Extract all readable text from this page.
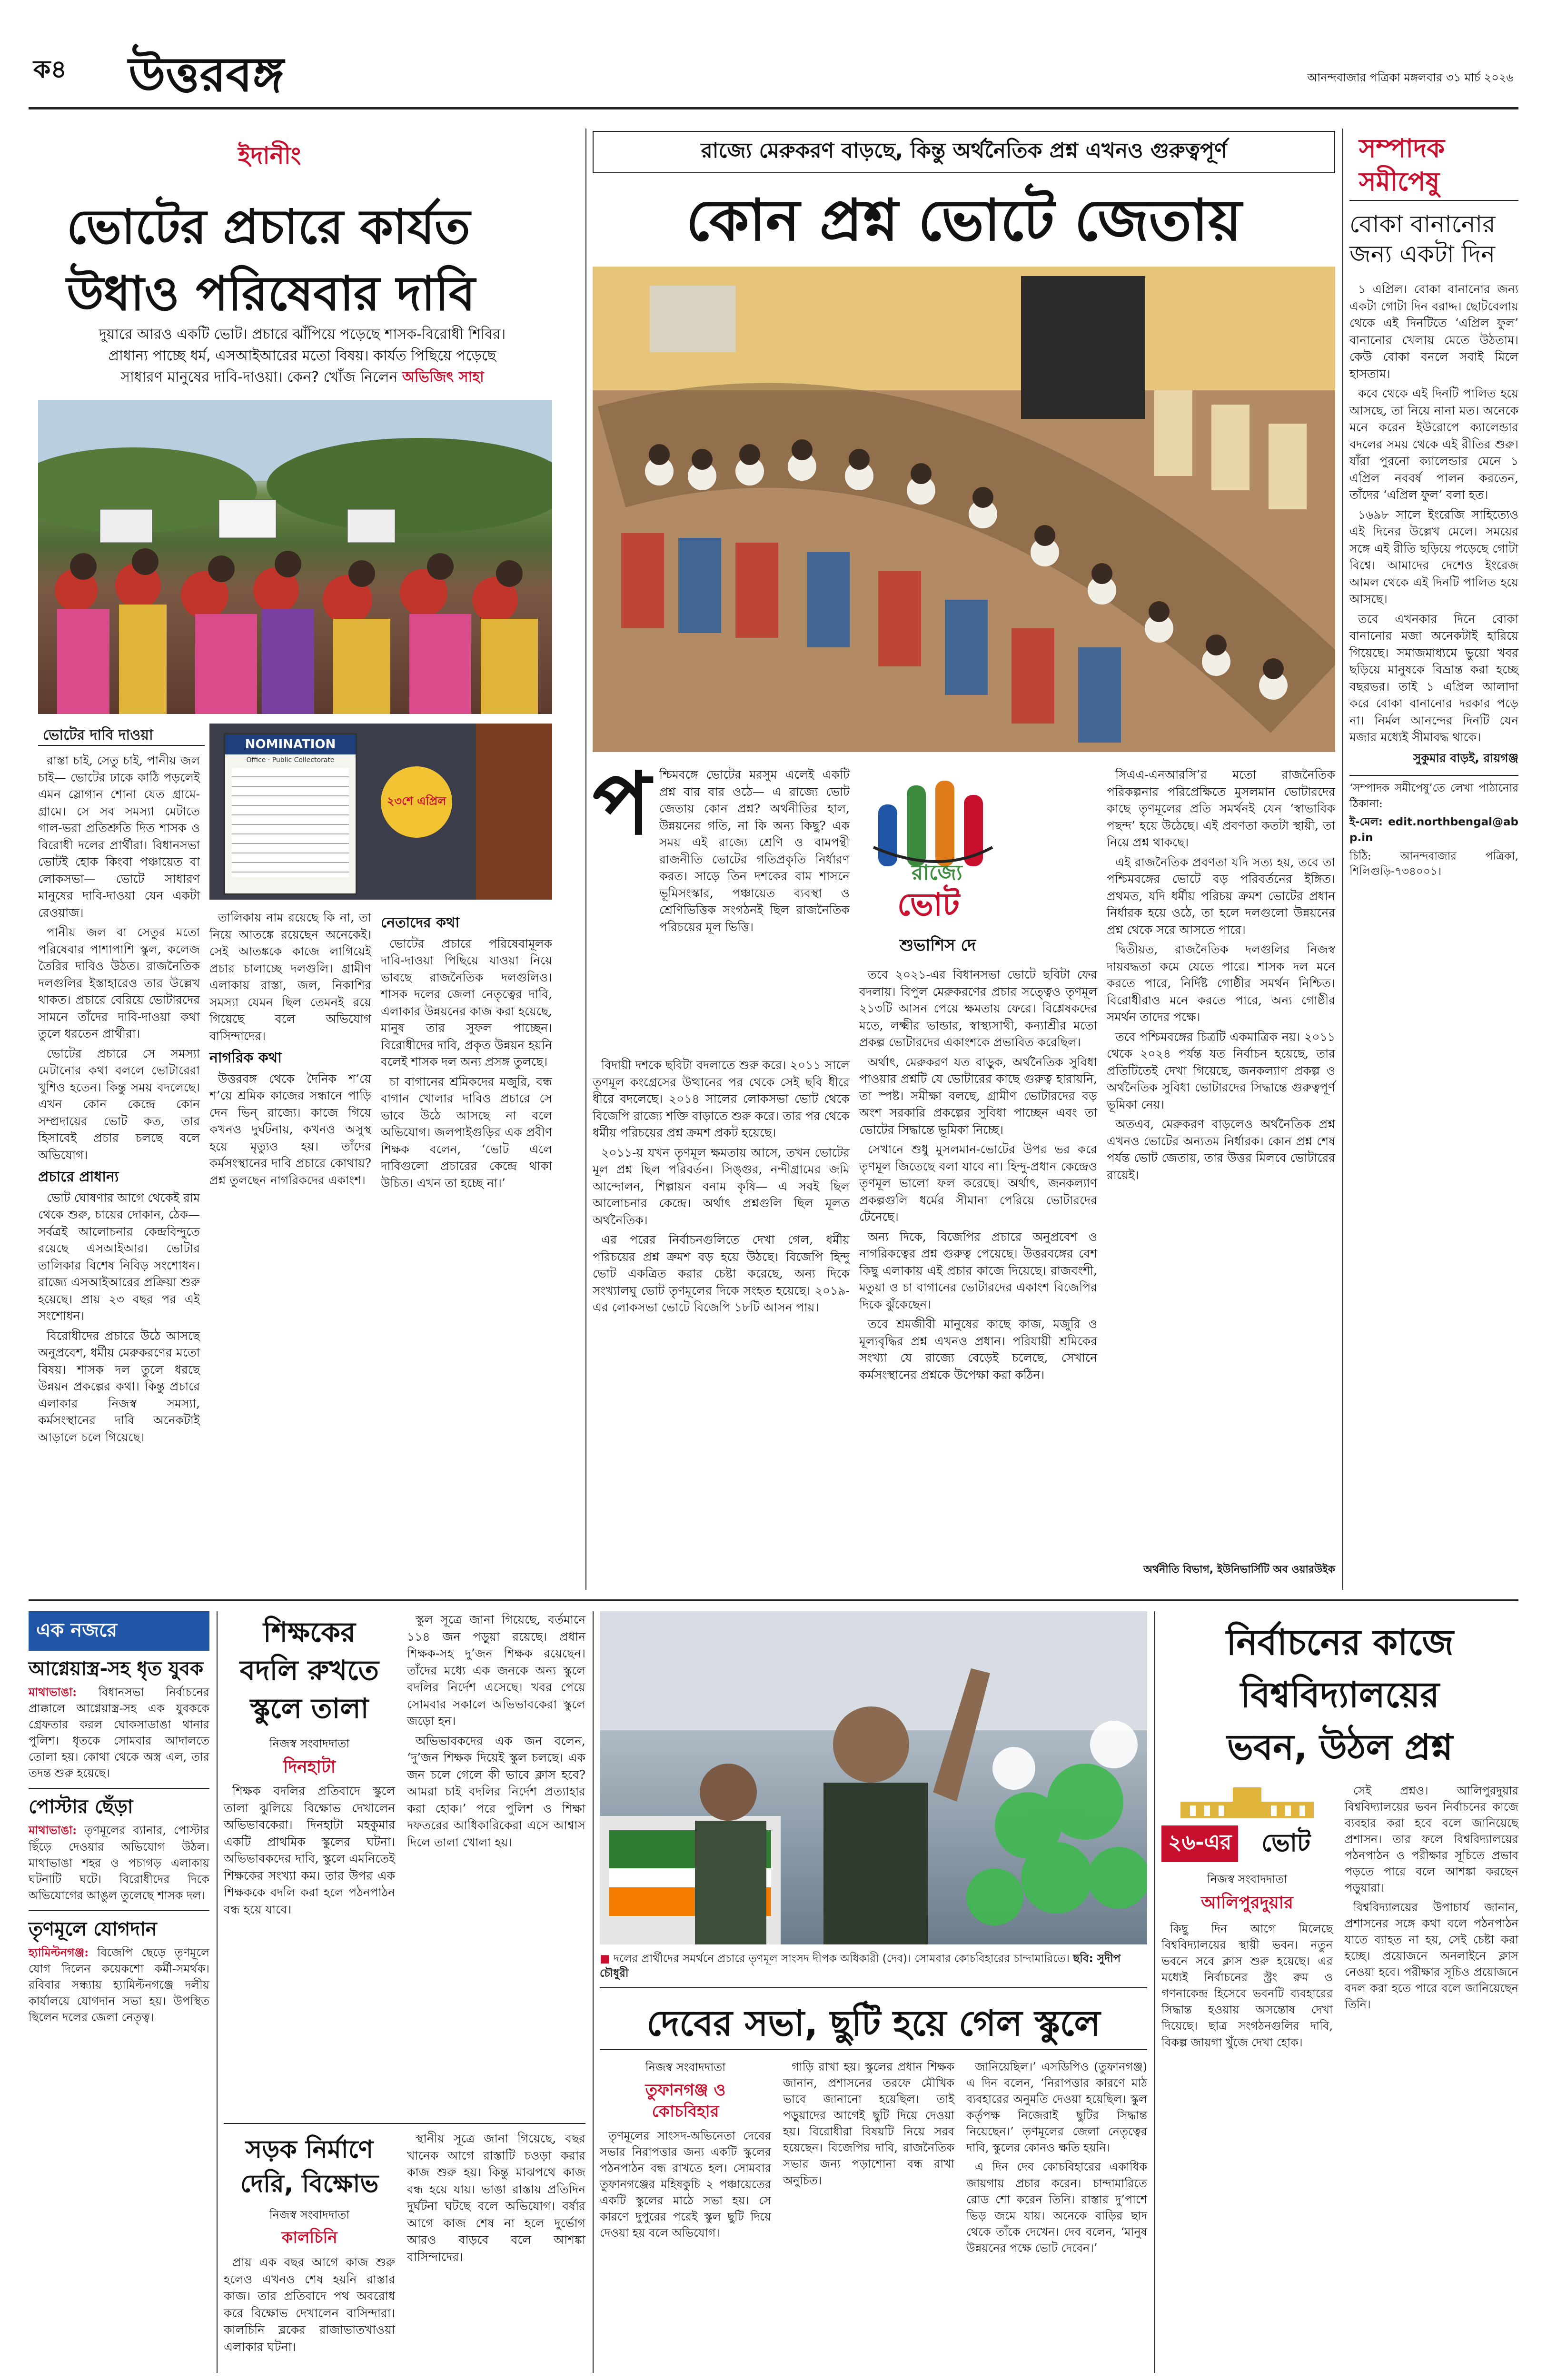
ক৪ উত্তরবঙ্গ	আনন্দবাজার পত্রিকা মঙ্গলবার ৩১ মার্চ ২০২৬
ইদানীং
ভোটের প্রচারে কার্যত
উধাও পরিষেবার দাবি
দুয়ারে আরও একটি ভোট। প্রচারে ঝাঁপিয়ে পড়েছে শাসক-বিরোধী শিবির।
প্রাধান্য পাচ্ছে ধর্ম, এসআইআরের মতো বিষয়। কার্যত পিছিয়ে পড়েছে
সাধারণ মানুষের দাবি-দাওয়া। কেন? খোঁজ নিলেন অভিজিৎ সাহা
ভোটের দাবি দাওয়া
NOMINATION
Office · Public Collectorate
২৩শে এপ্রিল

রাস্তা চাই, সেতু চাই, পানীয় জল চাই— ভোটের ঢাকে কাঠি পড়লেই এমন স্লোগান শোনা যেত গ্রামে-গ্রামে। সে সব সমস্যা মেটাতে গাল-ভরা প্রতিশ্রুতি দিত শাসক ও বিরোধী দলের প্রার্থীরা। বিধানসভা ভোটই হোক কিংবা পঞ্চায়েত বা লোকসভা— ভোটে সাধারণ মানুষের দাবি-দাওয়া যেন একটা রেওয়াজ।

পানীয় জল বা সেতুর মতো পরিষেবার পাশাপাশি স্কুল, কলেজ তৈরির দাবিও উঠত। রাজনৈতিক দলগুলির ইস্তাহারেও তার উল্লেখ থাকত। প্রচারে বেরিয়ে ভোটারদের সামনে তাঁদের দাবি-দাওয়া কথা তুলে ধরতেন প্রার্থীরা।

ভোটের প্রচারে সে সমস্যা মেটানোর কথা বললে ভোটারেরা খুশিও হতেন। কিন্তু সময় বদলেছে। এখন কোন কেন্দ্রে কোন সম্প্রদায়ের ভোট কত, তার হিসাবেই প্রচার চলছে বলে অভিযোগ।

প্রচারে প্রাধান্য

ভোট ঘোষণার আগে থেকেই রাম থেকে শুরু, চায়ের দোকান, ঠেক— সর্বত্রই আলোচনার কেন্দ্রবিন্দুতে রয়েছে এসআইআর। ভোটার তালিকার বিশেষ নিবিড় সংশোধন। রাজ্যে এসআইআরের প্রক্রিয়া শুরু হয়েছে। প্রায় ২৩ বছর পর এই সংশোধন।

বিরোধীদের প্রচারে উঠে আসছে অনুপ্রবেশ, ধর্মীয় মেরুকরণের মতো বিষয়। শাসক দল তুলে ধরছে উন্নয়ন প্রকল্পের কথা। কিন্তু প্রচারে এলাকার নিজস্ব সমস্যা, কর্মসংস্থানের দাবি অনেকটাই আড়ালে চলে গিয়েছে।

তালিকায় নাম রয়েছে কি না, তা নিয়ে আতঙ্কে রয়েছেন অনেকেই। সেই আতঙ্ককে কাজে লাগিয়েই প্রচার চালাচ্ছে দলগুলি। গ্রামীণ এলাকায় রাস্তা, জল, নিকাশির সমস্যা যেমন ছিল তেমনই রয়ে গিয়েছে বলে অভিযোগ বাসিন্দাদের।

নাগরিক কথা

উত্তরবঙ্গ থেকে দৈনিক শ’য়ে শ’য়ে শ্রমিক কাজের সন্ধানে পাড়ি দেন ভিন্ রাজ্যে। কাজে গিয়ে কখনও দুর্ঘটনায়, কখনও অসুস্থ হয়ে মৃত্যুও হয়। তাঁদের কর্মসংস্থানের দাবি প্রচারে কোথায়? প্রশ্ন তুলছেন নাগরিকদের একাংশ।

নেতাদের কথা

ভোটের প্রচারে পরিষেবামূলক দাবি-দাওয়া পিছিয়ে যাওয়া নিয়ে ভাবছে রাজনৈতিক দলগুলিও। শাসক দলের জেলা নেতৃত্বের দাবি, এলাকার উন্নয়নের কাজ করা হয়েছে, মানুষ তার সুফল পাচ্ছেন। বিরোধীদের দাবি, প্রকৃত উন্নয়ন হয়নি বলেই শাসক দল অন্য প্রসঙ্গ তুলছে।

চা বাগানের শ্রমিকদের মজুরি, বন্ধ বাগান খোলার দাবিও প্রচারে সে ভাবে উঠে আসছে না বলে অভিযোগ। জলপাইগুড়ির এক প্রবীণ শিক্ষক বলেন, ‘ভোট এলে দাবিগুলো প্রচারের কেন্দ্রে থাকা উচিত। এখন তা হচ্ছে না।’

রাজ্যে মেরুকরণ বাড়ছে, কিন্তু অর্থনৈতিক প্রশ্ন এখনও গুরুত্বপূর্ণ
কোন প্রশ্ন ভোটে জেতায়
রাজ্যে
ভোট
শুভাশিস দে
প শ্চিমবঙ্গে ভোটের মরসুম এলেই একটি প্রশ্ন বার বার ওঠে— এ রাজ্যে ভোট জেতায় কোন প্রশ্ন? অর্থনীতির হাল, উন্নয়নের গতি, না কি অন্য কিছু? এক সময় এই রাজ্যে শ্রেণি ও বামপন্থী রাজনীতি ভোটের গতিপ্রকৃতি নির্ধারণ করত। সাড়ে তিন দশকের বাম শাসনে ভূমিসংস্কার, পঞ্চায়েত ব্যবস্থা ও শ্রেণিভিত্তিক সংগঠনই ছিল রাজনৈতিক পরিচয়ের মূল ভিত্তি।

বিদায়ী দশকে ছবিটা বদলাতে শুরু করে। ২০১১ সালে তৃণমূল কংগ্রেসের উত্থানের পর থেকে সেই ছবি ধীরে ধীরে বদলেছে। ২০১৪ সালের লোকসভা ভোট থেকে বিজেপি রাজ্যে শক্তি বাড়াতে শুরু করে। তার পর থেকে ধর্মীয় পরিচয়ের প্রশ্ন ক্রমশ প্রকট হয়েছে।

২০১১-য় যখন তৃণমূল ক্ষমতায় আসে, তখন ভোটের মূল প্রশ্ন ছিল পরিবর্তন। সিঙ্গুর, নন্দীগ্রামের জমি আন্দোলন, শিল্পায়ন বনাম কৃষি— এ সবই ছিল আলোচনার কেন্দ্রে। অর্থাৎ প্রশ্নগুলি ছিল মূলত অর্থনৈতিক।

এর পরের নির্বাচনগুলিতে দেখা গেল, ধর্মীয় পরিচয়ের প্রশ্ন ক্রমশ বড় হয়ে উঠছে। বিজেপি হিন্দু ভোট একত্রিত করার চেষ্টা করেছে, অন্য দিকে সংখ্যালঘু ভোট তৃণমূলের দিকে সংহত হয়েছে। ২০১৯-এর লোকসভা ভোটে বিজেপি ১৮টি আসন পায়।

তবে ২০২১-এর বিধানসভা ভোটে ছবিটা ফের বদলায়। বিপুল মেরুকরণের প্রচার সত্ত্বেও তৃণমূল ২১৩টি আসন পেয়ে ক্ষমতায় ফেরে। বিশ্লেষকদের মতে, লক্ষ্মীর ভান্ডার, স্বাস্থ্যসাথী, কন্যাশ্রীর মতো প্রকল্প ভোটারদের একাংশকে প্রভাবিত করেছিল।

অর্থাৎ, মেরুকরণ যত বাড়ুক, অর্থনৈতিক সুবিধা পাওয়ার প্রশ্নটি যে ভোটারের কাছে গুরুত্ব হারায়নি, তা স্পষ্ট। সমীক্ষা বলছে, গ্রামীণ ভোটারদের বড় অংশ সরকারি প্রকল্পের সুবিধা পাচ্ছেন এবং তা ভোটের সিদ্ধান্তে ভূমিকা নিচ্ছে।

সেখানে শুধু মুসলমান-ভোটের উপর ভর করে তৃণমূল জিতেছে বলা যাবে না। হিন্দু-প্রধান কেন্দ্রেও তৃণমূল ভালো ফল করেছে। অর্থাৎ, জনকল্যাণ প্রকল্পগুলি ধর্মের সীমানা পেরিয়ে ভোটারদের টেনেছে।

অন্য দিকে, বিজেপির প্রচারে অনুপ্রবেশ ও নাগরিকত্বের প্রশ্ন গুরুত্ব পেয়েছে। উত্তরবঙ্গের বেশ কিছু এলাকায় এই প্রচার কাজে দিয়েছে। রাজবংশী, মতুয়া ও চা বাগানের ভোটারদের একাংশ বিজেপির দিকে ঝুঁকেছেন।

তবে শ্রমজীবী মানুষের কাছে কাজ, মজুরি ও মূল্যবৃদ্ধির প্রশ্ন এখনও প্রধান। পরিযায়ী শ্রমিকের সংখ্যা যে রাজ্যে বেড়েই চলেছে, সেখানে কর্মসংস্থানের প্রশ্নকে উপেক্ষা করা কঠিন।

সিএএ-এনআরসি’র মতো রাজনৈতিক পরিকল্পনার পরিপ্রেক্ষিতে মুসলমান ভোটারদের কাছে তৃণমূলের প্রতি সমর্থনই যেন ‘স্বাভাবিক পছন্দ’ হয়ে উঠেছে। এই প্রবণতা কতটা স্থায়ী, তা নিয়ে প্রশ্ন থাকছে।

এই রাজনৈতিক প্রবণতা যদি সত্য হয়, তবে তা পশ্চিমবঙ্গের ভোটে বড় পরিবর্তনের ইঙ্গিত। প্রথমত, যদি ধর্মীয় পরিচয় ক্রমশ ভোটের প্রধান নির্ধারক হয়ে ওঠে, তা হলে দলগুলো উন্নয়নের প্রশ্ন থেকে সরে আসতে পারে।

দ্বিতীয়ত, রাজনৈতিক দলগুলির নিজস্ব দায়বদ্ধতা কমে যেতে পারে। শাসক দল মনে করতে পারে, নির্দিষ্ট গোষ্ঠীর সমর্থন নিশ্চিত। বিরোধীরাও মনে করতে পারে, অন্য গোষ্ঠীর সমর্থন তাদের পক্ষে।

তবে পশ্চিমবঙ্গের চিত্রটি একমাত্রিক নয়। ২০১১ থেকে ২০২৪ পর্যন্ত যত নির্বাচন হয়েছে, তার প্রতিটিতেই দেখা গিয়েছে, জনকল্যাণ প্রকল্প ও অর্থনৈতিক সুবিধা ভোটারদের সিদ্ধান্তে গুরুত্বপূর্ণ ভূমিকা নেয়।

অতএব, মেরুকরণ বাড়লেও অর্থনৈতিক প্রশ্ন এখনও ভোটের অন্যতম নির্ধারক। কোন প্রশ্ন শেষ পর্যন্ত ভোট জেতায়, তার উত্তর মিলবে ভোটারের রায়েই।

অর্থনীতি বিভাগ, ইউনিভার্সিটি অব ওয়ারউইক
সম্পাদক
সমীপেষু
বোকা বানানোর জন্য একটা দিন

১ এপ্রিল। বোকা বানানোর জন্য একটা গোটা দিন বরাদ্দ। ছোটবেলায় থেকে এই দিনটিতে ‘এপ্রিল ফুল’ বানানোর খেলায় মেতে উঠতাম। কেউ বোকা বনলে সবাই মিলে হাসতাম।

কবে থেকে এই দিনটি পালিত হয়ে আসছে, তা নিয়ে নানা মত। অনেকে মনে করেন ইউরোপে ক্যালেন্ডার বদলের সময় থেকে এই রীতির শুরু। যাঁরা পুরনো ক্যালেন্ডার মেনে ১ এপ্রিল নববর্ষ পালন করতেন, তাঁদের ‘এপ্রিল ফুল’ বলা হত।

১৬৯৮ সালে ইংরেজি সাহিত্যেও এই দিনের উল্লেখ মেলে। সময়ের সঙ্গে এই রীতি ছড়িয়ে পড়েছে গোটা বিশ্বে। আমাদের দেশেও ইংরেজ আমল থেকে এই দিনটি পালিত হয়ে আসছে।

তবে এখনকার দিনে বোকা বানানোর মজা অনেকটাই হারিয়ে গিয়েছে। সমাজমাধ্যমে ভুয়ো খবর ছড়িয়ে মানুষকে বিভ্রান্ত করা হচ্ছে বছরভর। তাই ১ এপ্রিল আলাদা করে বোকা বানানোর দরকার পড়ে না। নির্মল আনন্দের দিনটি যেন মজার মধ্যেই সীমাবদ্ধ থাকে।

সুকুমার বাড়ই, রায়গঞ্জ
‘সম্পাদক সমীপেষু’তে লেখা পাঠানোর ঠিকানা:
ই-মেল: edit.northbengal@abp.in
চিঠি: আনন্দবাজার পত্রিকা, শিলিগুড়ি-৭৩৪০০১।
এক নজরে
আগ্নেয়াস্ত্র-সহ ধৃত যুবক

মাথাভাঙা: বিধানসভা নির্বাচনের প্রাক্কালে আগ্নেয়াস্ত্র-সহ এক যুবককে গ্রেফতার করল ঘোকসাডাঙা থানার পুলিশ। ধৃতকে সোমবার আদালতে তোলা হয়। কোথা থেকে অস্ত্র এল, তার তদন্ত শুরু হয়েছে।

পোস্টার ছেঁড়া

মাথাভাঙা: তৃণমূলের ব্যানার, পোস্টার ছিঁড়ে দেওয়ার অভিযোগ উঠল। মাথাভাঙা শহর ও পচাগড় এলাকায় ঘটনাটি ঘটে। বিরোধীদের দিকে অভিযোগের আঙুল তুলেছে শাসক দল।

তৃণমূলে যোগদান

হ্যামিল্টনগঞ্জ: বিজেপি ছেড়ে তৃণমূলে যোগ দিলেন কয়েকশো কর্মী-সমর্থক। রবিবার সন্ধ্যায় হ্যামিল্টনগঞ্জে দলীয় কার্যালয়ে যোগদান সভা হয়। উপস্থিত ছিলেন দলের জেলা নেতৃত্ব।

শিক্ষকের
বদলি রুখতে
স্কুলে তালা
নিজস্ব সংবাদদাতা
দিনহাটা

শিক্ষক বদলির প্রতিবাদে স্কুলে তালা ঝুলিয়ে বিক্ষোভ দেখালেন অভিভাবকেরা। দিনহাটা মহকুমার একটি প্রাথমিক স্কুলের ঘটনা। অভিভাবকদের দাবি, স্কুলে এমনিতেই শিক্ষকের সংখ্যা কম। তার উপর এক শিক্ষককে বদলি করা হলে পঠনপাঠন বন্ধ হয়ে যাবে।

স্কুল সূত্রে জানা গিয়েছে, বর্তমানে ১১৪ জন পড়ুয়া রয়েছে। প্রধান শিক্ষক-সহ দু’জন শিক্ষক রয়েছেন। তাঁদের মধ্যে এক জনকে অন্য স্কুলে বদলির নির্দেশ এসেছে। খবর পেয়ে সোমবার সকালে অভিভাবকেরা স্কুলে জড়ো হন।

অভিভাবকদের এক জন বলেন, ‘দু’জন শিক্ষক দিয়েই স্কুল চলছে। এক জন চলে গেলে কী ভাবে ক্লাস হবে? আমরা চাই বদলির নির্দেশ প্রত্যাহার করা হোক।’ পরে পুলিশ ও শিক্ষা দফতরের আধিকারিকেরা এসে আশ্বাস দিলে তালা খোলা হয়।

সড়ক নির্মাণে
দেরি, বিক্ষোভ
নিজস্ব সংবাদদাতা
কালচিনি

প্রায় এক বছর আগে কাজ শুরু হলেও এখনও শেষ হয়নি রাস্তার কাজ। তার প্রতিবাদে পথ অবরোধ করে বিক্ষোভ দেখালেন বাসিন্দারা। কালচিনি ব্লকের রাজাভাতখাওয়া এলাকার ঘটনা।

স্থানীয় সূত্রে জানা গিয়েছে, বছর খানেক আগে রাস্তাটি চওড়া করার কাজ শুরু হয়। কিন্তু মাঝপথে কাজ বন্ধ হয়ে যায়। ভাঙা রাস্তায় প্রতিদিন দুর্ঘটনা ঘটছে বলে অভিযোগ। বর্ষার আগে কাজ শেষ না হলে দুর্ভোগ আরও বাড়বে বলে আশঙ্কা বাসিন্দাদের।

■ দলের প্রার্থীদের সমর্থনে প্রচারে তৃণমূল সাংসদ দীপক অধিকারী (দেব)। সোমবার কোচবিহারের চান্দামারিতে। ছবি: সুদীপ চৌধুরী
দেবের সভা, ছুটি হয়ে গেল স্কুলে
নিজস্ব সংবাদদাতা
তুফানগঞ্জ ও
কোচবিহার

তৃণমূলের সাংসদ-অভিনেতা দেবের সভার নিরাপত্তার জন্য একটি স্কুলের পঠনপাঠন বন্ধ রাখতে হল। সোমবার তুফানগঞ্জের মহিষকুচি ২ পঞ্চায়েতের একটি স্কুলের মাঠে সভা হয়। সে কারণে দুপুরের পরেই স্কুল ছুটি দিয়ে দেওয়া হয় বলে অভিযোগ।

গাড়ি রাখা হয়। স্কুলের প্রধান শিক্ষক জানান, প্রশাসনের তরফে মৌখিক ভাবে জানানো হয়েছিল। তাই পড়ুয়াদের আগেই ছুটি দিয়ে দেওয়া হয়। বিরোধীরা বিষয়টি নিয়ে সরব হয়েছেন। বিজেপির দাবি, রাজনৈতিক সভার জন্য পড়াশোনা বন্ধ রাখা অনুচিত।

জানিয়েছিল।’ এসডিপিও (তুফানগঞ্জ) এ দিন বলেন, ‘নিরাপত্তার কারণে মাঠ ব্যবহারের অনুমতি দেওয়া হয়েছিল। স্কুল কর্তৃপক্ষ নিজেরাই ছুটির সিদ্ধান্ত নিয়েছেন।’ তৃণমূলের জেলা নেতৃত্বের দাবি, স্কুলের কোনও ক্ষতি হয়নি।

এ দিন দেব কোচবিহারের একাধিক জায়গায় প্রচার করেন। চান্দামারিতে রোড শো করেন তিনি। রাস্তার দু’পাশে ভিড় জমে যায়। অনেকে বাড়ির ছাদ থেকে তাঁকে দেখেন। দেব বলেন, ‘মানুষ উন্নয়নের পক্ষে ভোট দেবেন।’

নির্বাচনের কাজে
বিশ্ববিদ্যালয়ের
ভবন, উঠল প্রশ্ন
২৬-এর ভোট
নিজস্ব সংবাদদাতা
আলিপুরদুয়ার

কিছু দিন আগে মিলেছে বিশ্ববিদ্যালয়ের স্থায়ী ভবন। নতুন ভবনে সবে ক্লাস শুরু হয়েছে। এর মধ্যেই নির্বাচনের স্ট্রং রুম ও গণনাকেন্দ্র হিসেবে ভবনটি ব্যবহারের সিদ্ধান্ত হওয়ায় অসন্তোষ দেখা দিয়েছে। ছাত্র সংগঠনগুলির দাবি, বিকল্প জায়গা খুঁজে দেখা হোক।

সেই প্রশ্নও। আলিপুরদুয়ার বিশ্ববিদ্যালয়ের ভবন নির্বাচনের কাজে ব্যবহার করা হবে বলে জানিয়েছে প্রশাসন। তার ফলে বিশ্ববিদ্যালয়ের পঠনপাঠন ও পরীক্ষার সূচিতে প্রভাব পড়তে পারে বলে আশঙ্কা করছেন পড়ুয়ারা।

বিশ্ববিদ্যালয়ের উপাচার্য জানান, প্রশাসনের সঙ্গে কথা বলে পঠনপাঠন যাতে ব্যাহত না হয়, সেই চেষ্টা করা হচ্ছে। প্রয়োজনে অনলাইনে ক্লাস নেওয়া হবে। পরীক্ষার সূচিও প্রয়োজনে বদল করা হতে পারে বলে জানিয়েছেন তিনি।
